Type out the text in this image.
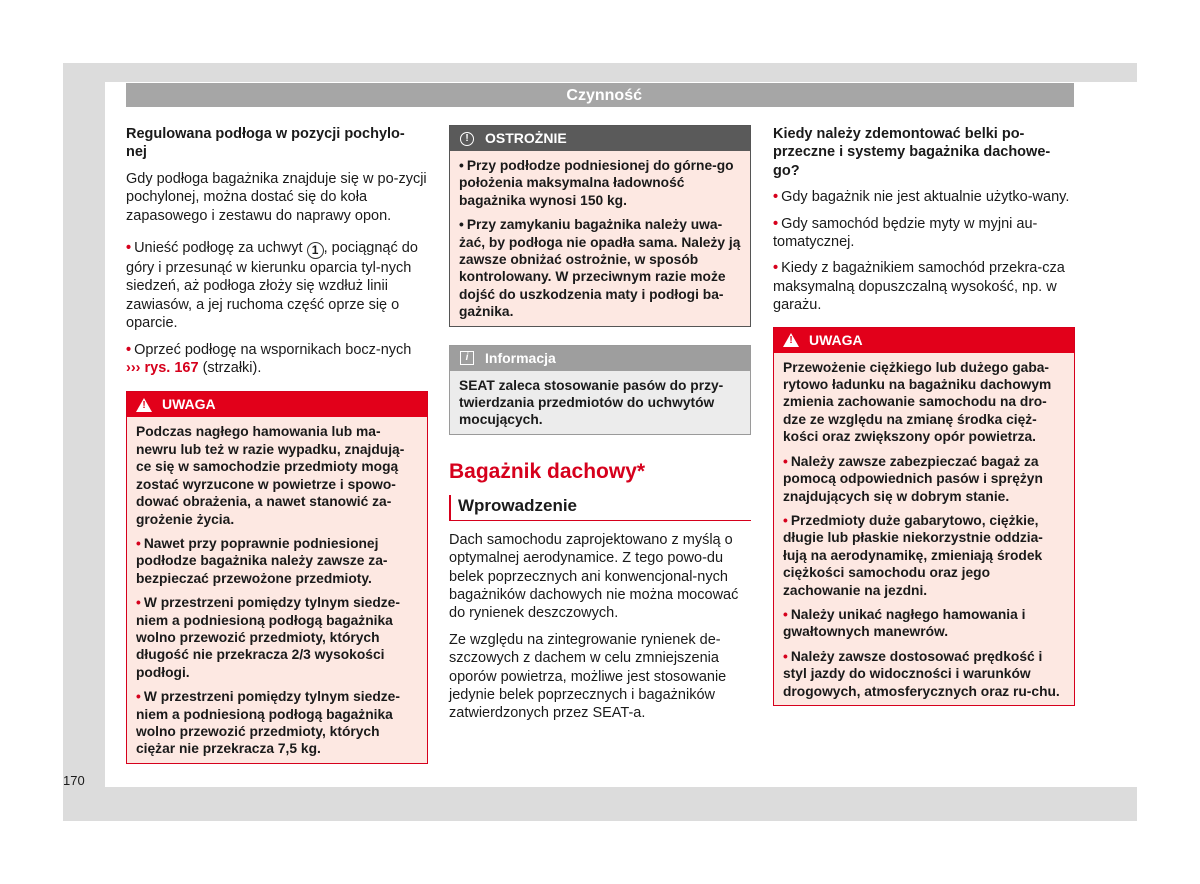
Czynność
Regulowana podłoga w pozycji pochylo-
nej

Gdy podłoga bagażnika znajduje się w po-zycji pochylonej, można dostać się do koła zapasowego i zestawu do naprawy opon.

• Unieść podłogę za uchwyt 1 , pociągnąć do góry i przesunąć w kierunku oparcia tyl-nych siedzeń, aż podłoga złoży się wzdłuż linii zawiasów, a jej ruchoma część oprze się o oparcie.

• Oprzeć podłogę na wspornikach bocz-nych ››› rys. 167 (strzałki).

! UWAGA

Podczas nagłego hamowania lub ma-newru lub też w razie wypadku, znajdują-ce się w samochodzie przedmioty mogą zostać wyrzucone w powietrze i spowo-dować obrażenia, a nawet stanowić za-grożenie życia.

• Nawet przy poprawnie podniesionej podłodze bagażnika należy zawsze za-bezpieczać przewożone przedmioty.

• W przestrzeni pomiędzy tylnym siedze-niem a podniesioną podłogą bagażnika wolno przewozić przedmioty, których długość nie przekracza 2/3 wysokości podłogi.

• W przestrzeni pomiędzy tylnym siedze-niem a podniesioną podłogą bagażnika wolno przewozić przedmioty, których ciężar nie przekracza 7,5 kg.

!	OSTROŻNIE

• Przy podłodze podniesionej do górne-go położenia maksymalna ładowność bagażnika wynosi 150 kg.

• Przy zamykaniu bagażnika należy uwa-żać, by podłoga nie opadła sama. Należy ją zawsze obniżać ostrożnie, w sposób kontrolowany. W przeciwnym razie może dojść do uszkodzenia maty i podłogi ba-gażnika.

i	Informacja

SEAT zaleca stosowanie pasów do przy-twierdzania przedmiotów do uchwytów mocujących.

Bagażnik dachowy*
Wprowadzenie

Dach samochodu zaprojektowano z myślą o optymalnej aerodynamice. Z tego powo-du belek poprzecznych ani konwencjonal-nych bagażników dachowych nie można mocować do rynienek deszczowych.

Ze względu na zintegrowanie rynienek de-szczowych z dachem w celu zmniejszenia oporów powietrza, możliwe jest stosowanie jedynie belek poprzecznych i bagażników zatwierdzonych przez SEAT-a.

Kiedy należy zdemontować belki po-przeczne i systemy bagażnika dachowe-go?

• Gdy bagażnik nie jest aktualnie użytko-wany.

• Gdy samochód będzie myty w myjni au-tomatycznej.

• Kiedy z bagażnikiem samochód przekra-cza maksymalną dopuszczalną wysokość, np. w garażu.

! UWAGA

Przewożenie ciężkiego lub dużego gaba-rytowo ładunku na bagażniku dachowym zmienia zachowanie samochodu na dro-dze ze względu na zmianę środka cięż-kości oraz zwiększony opór powietrza.

• Należy zawsze zabezpieczać bagaż za pomocą odpowiednich pasów i sprężyn znajdujących się w dobrym stanie.

• Przedmioty duże gabarytowo, ciężkie, długie lub płaskie niekorzystnie oddzia-łują na aerodynamikę, zmieniają środek ciężkości samochodu oraz jego zachowanie na jezdni.

• Należy unikać nagłego hamowania i gwałtownych manewrów.

• Należy zawsze dostosować prędkość i styl jazdy do widoczności i warunków drogowych, atmosferycznych oraz ru-chu.

170
